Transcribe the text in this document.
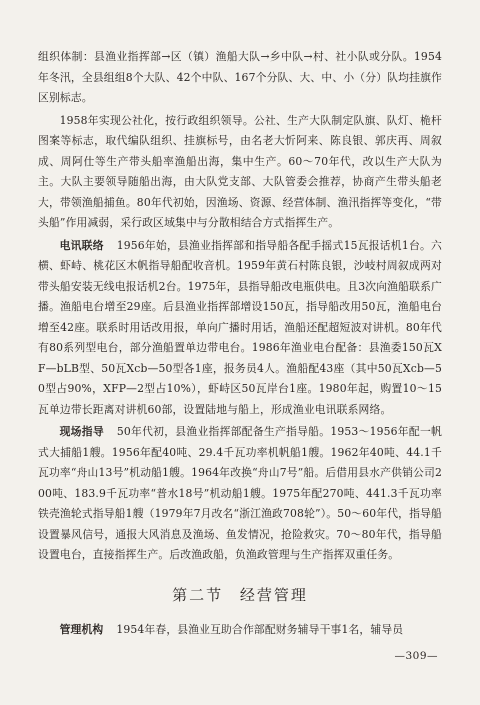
组织体制：县渔业指挥部→区（镇）渔船大队→乡中队→村、社小队或分队。1954年冬汛，全县组组8个大队、42个中队、167个分队、大、中、小（分）队均挂旗作区别标志。

1958年实现公社化，按行政组织领导。公社、生产大队制定队旗、队灯、桅杆图案等标志，取代编队组织、挂旗标号，由名老大忻阿来、陈良银、郭庆再、周叙成、周阿仕等生产带头船率渔船出海，集中生产。60～70年代，改以生产大队为主。大队主要领导随船出海，由大队党支部、大队管委会推荐，协商产生带头船老大，带领渔船捕鱼。80年代初始，因渔场、资源、经营体制、渔汛指挥等变化，“带头船”作用减弱，采行政区域集中与分散相结合方式指挥生产。

电讯联络 1956年始，县渔业指挥部和指导船各配手摇式15瓦报话机1台。六横、虾峙、桃花区木帆指导船配收音机。1959年黄石村陈良银，沙岐村周叙成两对带头船安装无线电报话机2台。1975年，县指导船改电瓶供电。且3次向渔船联系广播。渔船电台增至29座。后县渔业指挥部增设150瓦，指导船改用50瓦，渔船电台增至42座。联系时用话改用报，单向广播时用话，渔船还配超短波对讲机。80年代有80系列型电台，部分渔船置单边带电台。1986年渔业电台配备：县渔委150瓦XF—bLB型、50瓦Xcb—50型各1座，报务员4人。渔船配43座（其中50瓦Xcb—50型占90%，XFP—2型占10%），虾峙区50瓦岸台1座。1980年起，购置10～15瓦单边带长距离对讲机60部，设置陆地与船上，形成渔业电讯联系网络。

现场指导 50年代初，县渔业指挥部配备生产指导船。1953～1956年配一帆式大捕船1艘。1956年配40吨、29.4千瓦功率机帆船1艘。1962年40吨、44.1千瓦功率“舟山13号”机动船1艘。1964年改换“舟山7号”船。后借用县水产供销公司200吨、183.9千瓦功率“普水18号”机动船1艘。1975年配270吨、441.3千瓦功率铁壳渔轮式指导船1艘（1979年7月改名“浙江渔政708轮”）。50～60年代，指导船设置暴风信号，通报大风消息及渔场、鱼发情况，抢险救灾。70～80年代，指导船设置电台，直接指挥生产。后改渔政船，负渔政管理与生产指挥双重任务。

第二节 经营管理

管理机构 1954年春，县渔业互助合作部配财务辅导干事1名，辅导员

—309—
